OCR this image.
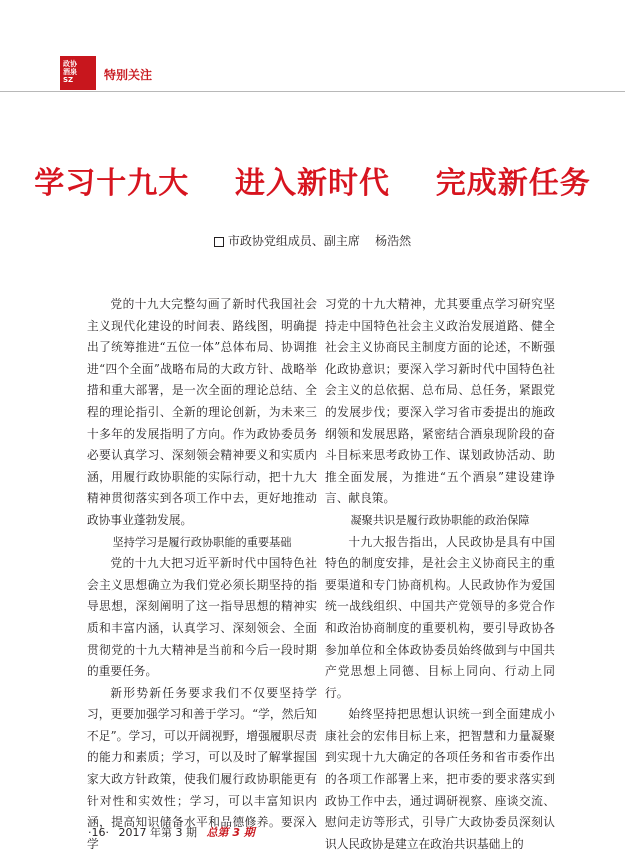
政协
酒泉
SZ	特别关注
学习十九大    进入新时代    完成新任务
市政协党组成员、副主席    杨浩然

党的十九大完整勾画了新时代我国社会主义现代化建设的时间表、路线图，明确提出了统筹推进“五位一体”总体布局、协调推进“四个全面”战略布局的大政方针、战略举措和重大部署，是一次全面的理论总结、全程的理论指引、全新的理论创新，为未来三十多年的发展指明了方向。作为政协委员务必要认真学习、深刻领会精神要义和实质内涵，用履行政协职能的实际行动，把十九大精神贯彻落实到各项工作中去，更好地推动政协事业蓬勃发展。

坚持学习是履行政协职能的重要基础

党的十九大把习近平新时代中国特色社会主义思想确立为我们党必须长期坚持的指导思想，深刻阐明了这一指导思想的精神实质和丰富内涵，认真学习、深刻领会、全面贯彻党的十九大精神是当前和今后一段时期的重要任务。

新形势新任务要求我们不仅要坚持学习，更要加强学习和善于学习。“学，然后知不足”。学习，可以开阔视野，增强履职尽责的能力和素质；学习，可以及时了解掌握国家大政方针政策，使我们履行政协职能更有针对性和实效性；学习，可以丰富知识内涵，提高知识储备水平和品德修养。要深入学

习党的十九大精神，尤其要重点学习研究坚持走中国特色社会主义政治发展道路、健全社会主义协商民主制度方面的论述，不断强化政协意识；要深入学习新时代中国特色社会主义的总依据、总布局、总任务，紧跟党的发展步伐；要深入学习省市委提出的施政纲领和发展思路，紧密结合酒泉现阶段的奋斗目标来思考政协工作、谋划政协活动、助推全面发展，为推进“五个酒泉”建设建诤言、献良策。

凝聚共识是履行政协职能的政治保障

十九大报告指出，人民政协是具有中国特色的制度安排，是社会主义协商民主的重要渠道和专门协商机构。人民政协作为爱国统一战线组织、中国共产党领导的多党合作和政治协商制度的重要机构，要引导政协各参加单位和全体政协委员始终做到与中国共产党思想上同德、目标上同向、行动上同行。

始终坚持把思想认识统一到全面建成小康社会的宏伟目标上来，把智慧和力量凝聚到实现十九大确定的各项任务和省市委作出的各项工作部署上来，把市委的要求落实到政协工作中去，通过调研视察、座谈交流、慰问走访等形式，引导广大政协委员深刻认识人民政协是建立在政治共识基础上的

·16· 2017 年第 3 期 总第 3 期
